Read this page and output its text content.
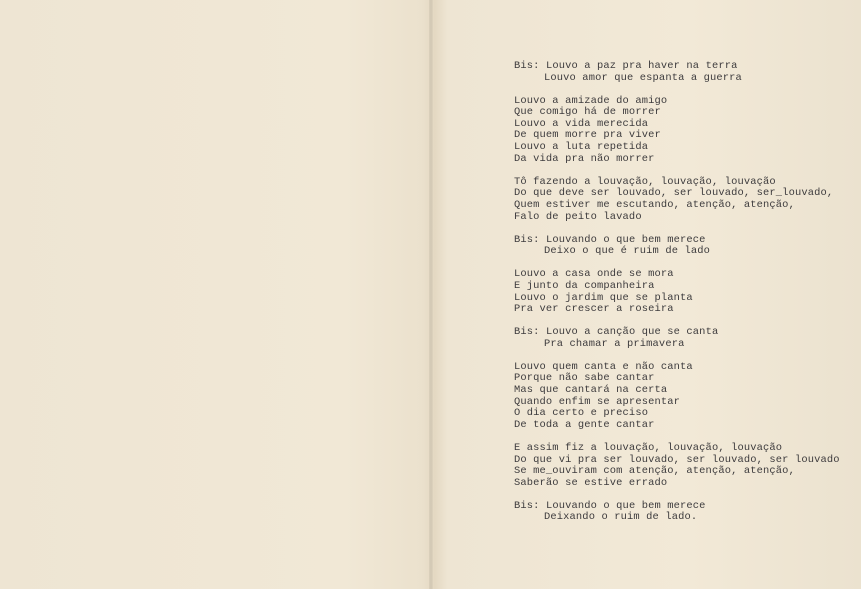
Bis: Louvo a paz pra haver na terra
Louvo amor que espanta a guerra
Louvo a amizade do amigo
Que comigo há de morrer
Louvo a vida merecida
De quem morre pra viver
Louvo a luta repetida
Da vida pra não morrer
Tô fazendo a louvação, louvação, louvação
Do que deve ser louvado, ser louvado, ser_louvado,
Quem estiver me escutando, atenção, atenção,
Falo de peito lavado
Bis: Louvando o que bem merece
Deixo o que é ruim de lado
Louvo a casa onde se mora
E junto da companheira
Louvo o jardim que se planta
Pra ver crescer a roseira
Bis: Louvo a canção que se canta
Pra chamar a primavera
Louvo quem canta e não canta
Porque não sabe cantar
Mas que cantará na certa
Quando enfim se apresentar
O dia certo e preciso
De toda a gente cantar
E assim fiz a louvação, louvação, louvação
Do que vi pra ser louvado, ser louvado, ser louvado
Se me_ouviram com atenção, atenção, atenção,
Saberão se estive errado
Bis: Louvando o que bem merece
Deixando o ruim de lado.
